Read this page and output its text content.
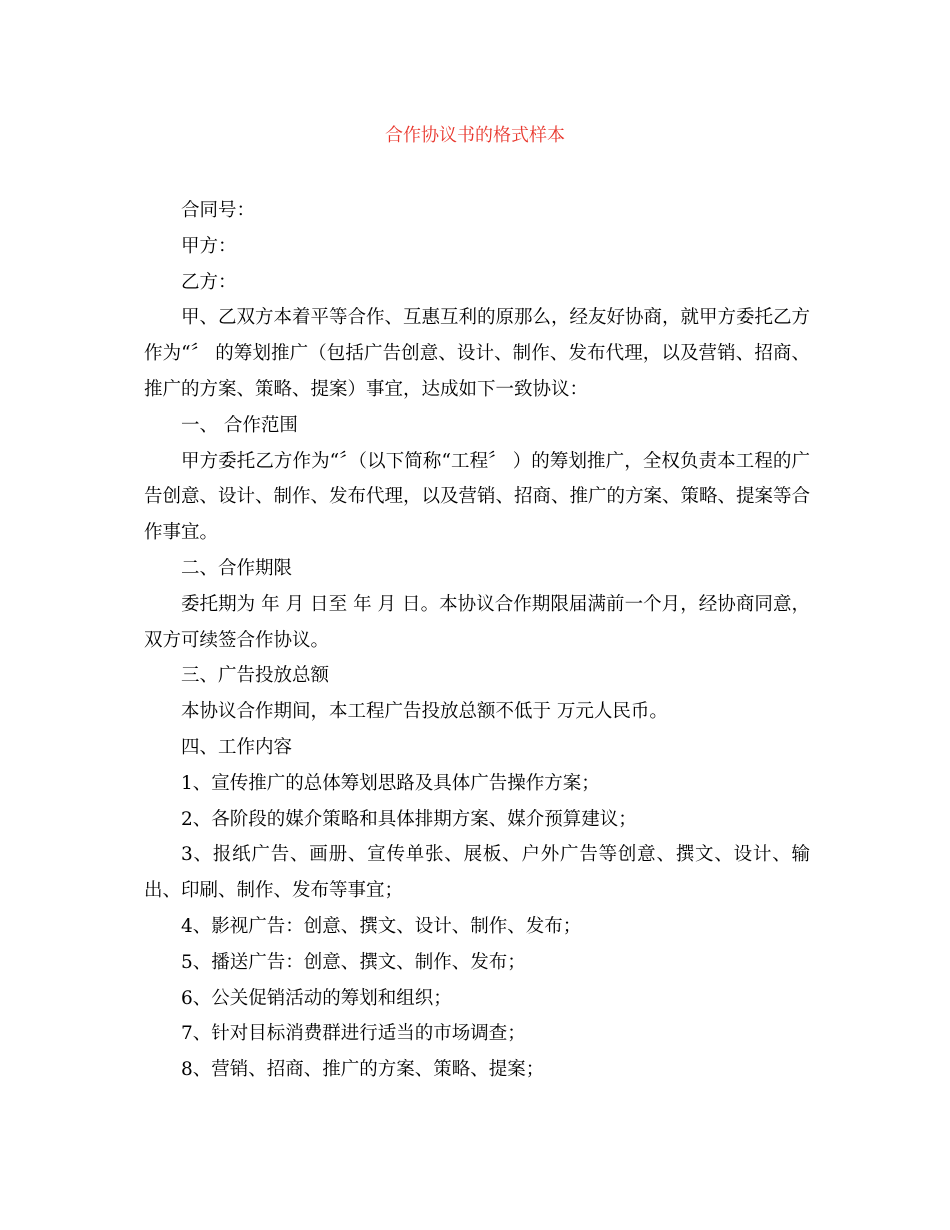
合作协议书的格式样本

合同号：

甲方：

乙方：

甲、乙双方本着平等合作、互惠互利的原那么，经友好协商，就甲方委托乙方作为“〞 的筹划推广（包括广告创意、设计、制作、发布代理，以及营销、招商、推广的方案、策略、提案）事宜，达成如下一致协议：

一、 合作范围

甲方委托乙方作为“〞（以下简称“工程〞 ）的筹划推广，全权负责本工程的广告创意、设计、制作、发布代理，以及营销、招商、推广的方案、策略、提案等合作事宜。

二、合作期限

委托期为 年 月 日至 年 月 日。本协议合作期限届满前一个月，经协商同意，双方可续签合作协议。

三、广告投放总额

本协议合作期间，本工程广告投放总额不低于 万元人民币。

四、工作内容

1、宣传推广的总体筹划思路及具体广告操作方案；

2、各阶段的媒介策略和具体排期方案、媒介预算建议；

3、报纸广告、画册、宣传单张、展板、户外广告等创意、撰文、设计、输出、印刷、制作、发布等事宜；

4、影视广告：创意、撰文、设计、制作、发布；

5、播送广告：创意、撰文、制作、发布；

6、公关促销活动的筹划和组织；

7、针对目标消费群进行适当的市场调查；

8、营销、招商、推广的方案、策略、提案；
